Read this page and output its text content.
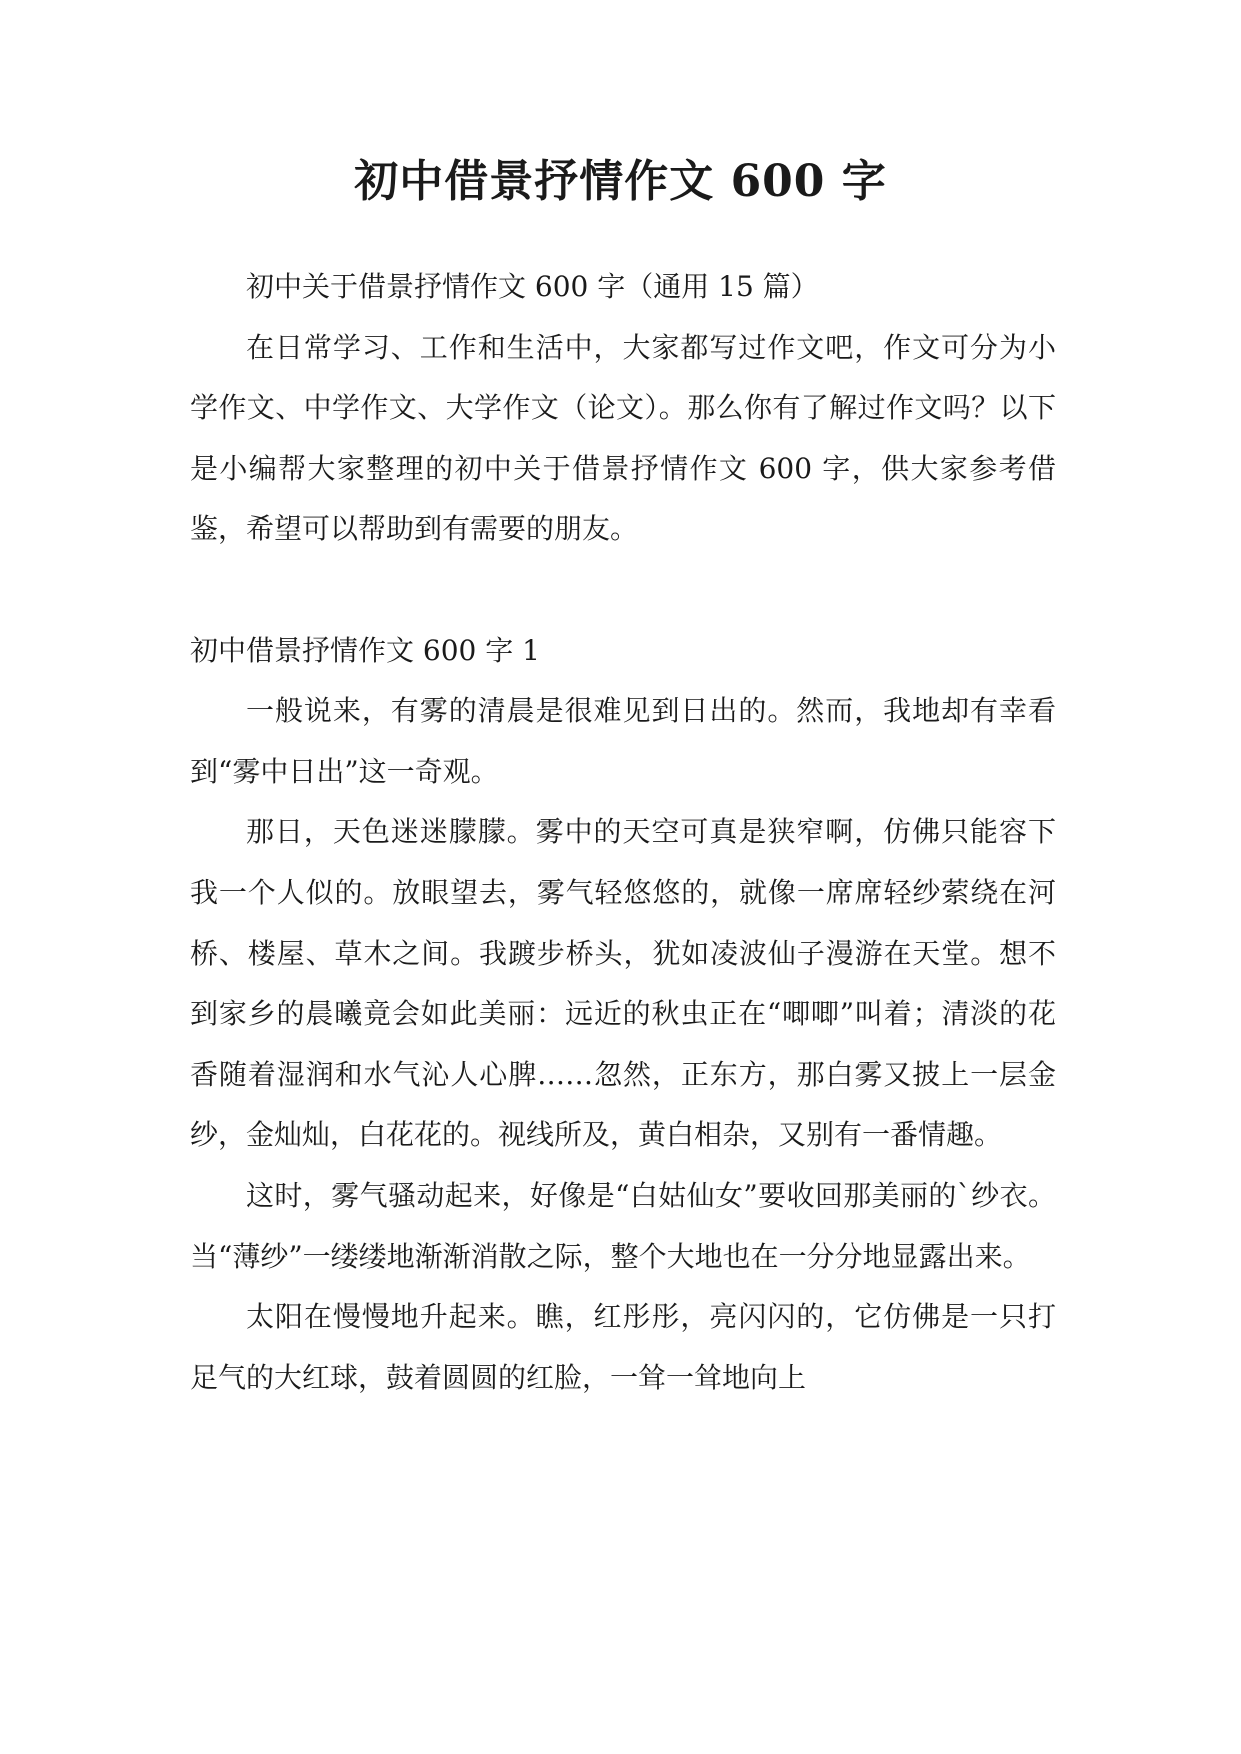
初中借景抒情作文 600 字

初中关于借景抒情作文 600 字（通用 15 篇）

在日常学习、工作和生活中，大家都写过作文吧，作文可分为小学作文、中学作文、大学作文（论文）。那么你有了解过作文吗？以下是小编帮大家整理的初中关于借景抒情作文 600 字，供大家参考借鉴，希望可以帮助到有需要的朋友。

初中借景抒情作文 600 字 1

一般说来，有雾的清晨是很难见到日出的。然而，我地却有幸看到“雾中日出”这一奇观。

那日，天色迷迷朦朦。雾中的天空可真是狭窄啊，仿佛只能容下我一个人似的。放眼望去，雾气轻悠悠的，就像一席席轻纱萦绕在河桥、楼屋、草木之间。我踱步桥头，犹如凌波仙子漫游在天堂。想不到家乡的晨曦竟会如此美丽：远近的秋虫正在“唧唧”叫着；清淡的花香随着湿润和水气沁人心脾……忽然，正东方，那白雾又披上一层金纱，金灿灿，白花花的。视线所及，黄白相杂，又别有一番情趣。

这时，雾气骚动起来，好像是“白姑仙女”要收回那美丽的`纱衣。当“薄纱”一缕缕地渐渐消散之际，整个大地也在一分分地显露出来。

太阳在慢慢地升起来。瞧，红彤彤，亮闪闪的，它仿佛是一只打足气的大红球，鼓着圆圆的红脸，一耸一耸地向上
